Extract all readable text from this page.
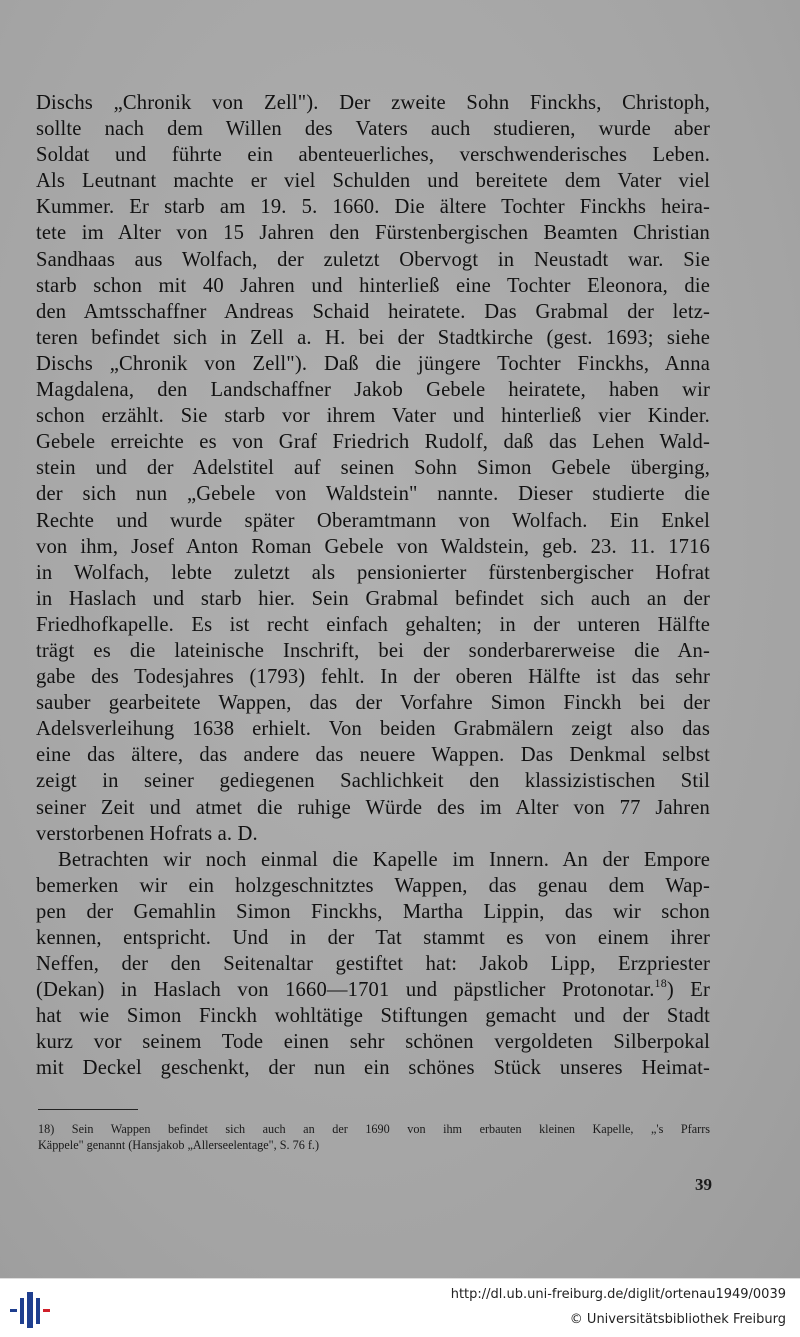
Dischs „Chronik von Zell"). Der zweite Sohn Finckhs, Christoph,
sollte nach dem Willen des Vaters auch studieren, wurde aber
Soldat und führte ein abenteuerliches, verschwenderisches Leben.
Als Leutnant machte er viel Schulden und bereitete dem Vater viel
Kummer. Er starb am 19. 5. 1660. Die ältere Tochter Finckhs heira-
tete im Alter von 15 Jahren den Fürstenbergischen Beamten Christian
Sandhaas aus Wolfach, der zuletzt Obervogt in Neustadt war. Sie
starb schon mit 40 Jahren und hinterließ eine Tochter Eleonora, die
den Amtsschaffner Andreas Schaid heiratete. Das Grabmal der letz-
teren befindet sich in Zell a. H. bei der Stadtkirche (gest. 1693; siehe
Dischs „Chronik von Zell"). Daß die jüngere Tochter Finckhs, Anna
Magdalena, den Landschaffner Jakob Gebele heiratete, haben wir
schon erzählt. Sie starb vor ihrem Vater und hinterließ vier Kinder.
Gebele erreichte es von Graf Friedrich Rudolf, daß das Lehen Wald-
stein und der Adelstitel auf seinen Sohn Simon Gebele überging,
der sich nun „Gebele von Waldstein" nannte. Dieser studierte die
Rechte und wurde später Oberamtmann von Wolfach. Ein Enkel
von ihm, Josef Anton Roman Gebele von Waldstein, geb. 23. 11. 1716
in Wolfach, lebte zuletzt als pensionierter fürstenbergischer Hofrat
in Haslach und starb hier. Sein Grabmal befindet sich auch an der
Friedhofkapelle. Es ist recht einfach gehalten; in der unteren Hälfte
trägt es die lateinische Inschrift, bei der sonderbarerweise die An-
gabe des Todesjahres (1793) fehlt. In der oberen Hälfte ist das sehr
sauber gearbeitete Wappen, das der Vorfahre Simon Finckh bei der
Adelsverleihung 1638 erhielt. Von beiden Grabmälern zeigt also das
eine das ältere, das andere das neuere Wappen. Das Denkmal selbst
zeigt in seiner gediegenen Sachlichkeit den klassizistischen Stil
seiner Zeit und atmet die ruhige Würde des im Alter von 77 Jahren
verstorbenen Hofrats a. D.
Betrachten wir noch einmal die Kapelle im Innern. An der Empore
bemerken wir ein holzgeschnitztes Wappen, das genau dem Wap-
pen der Gemahlin Simon Finckhs, Martha Lippin, das wir schon
kennen, entspricht. Und in der Tat stammt es von einem ihrer
Neffen, der den Seitenaltar gestiftet hat: Jakob Lipp, Erzpriester
(Dekan) in Haslach von 1660—1701 und päpstlicher Protonotar.$^{18}$) Er
hat wie Simon Finckh wohltätige Stiftungen gemacht und der Stadt
kurz vor seinem Tode einen sehr schönen vergoldeten Silberpokal
mit Deckel geschenkt, der nun ein schönes Stück unseres Heimat-
18) Sein Wappen befindet sich auch an der 1690 von ihm erbauten kleinen Kapelle, „'s Pfarrs
Käppele" genannt (Hansjakob „Allerseelentage", S. 76 f.)
39
http://dl.ub.uni-freiburg.de/diglit/ortenau1949/0039
© Universitätsbibliothek Freiburg
